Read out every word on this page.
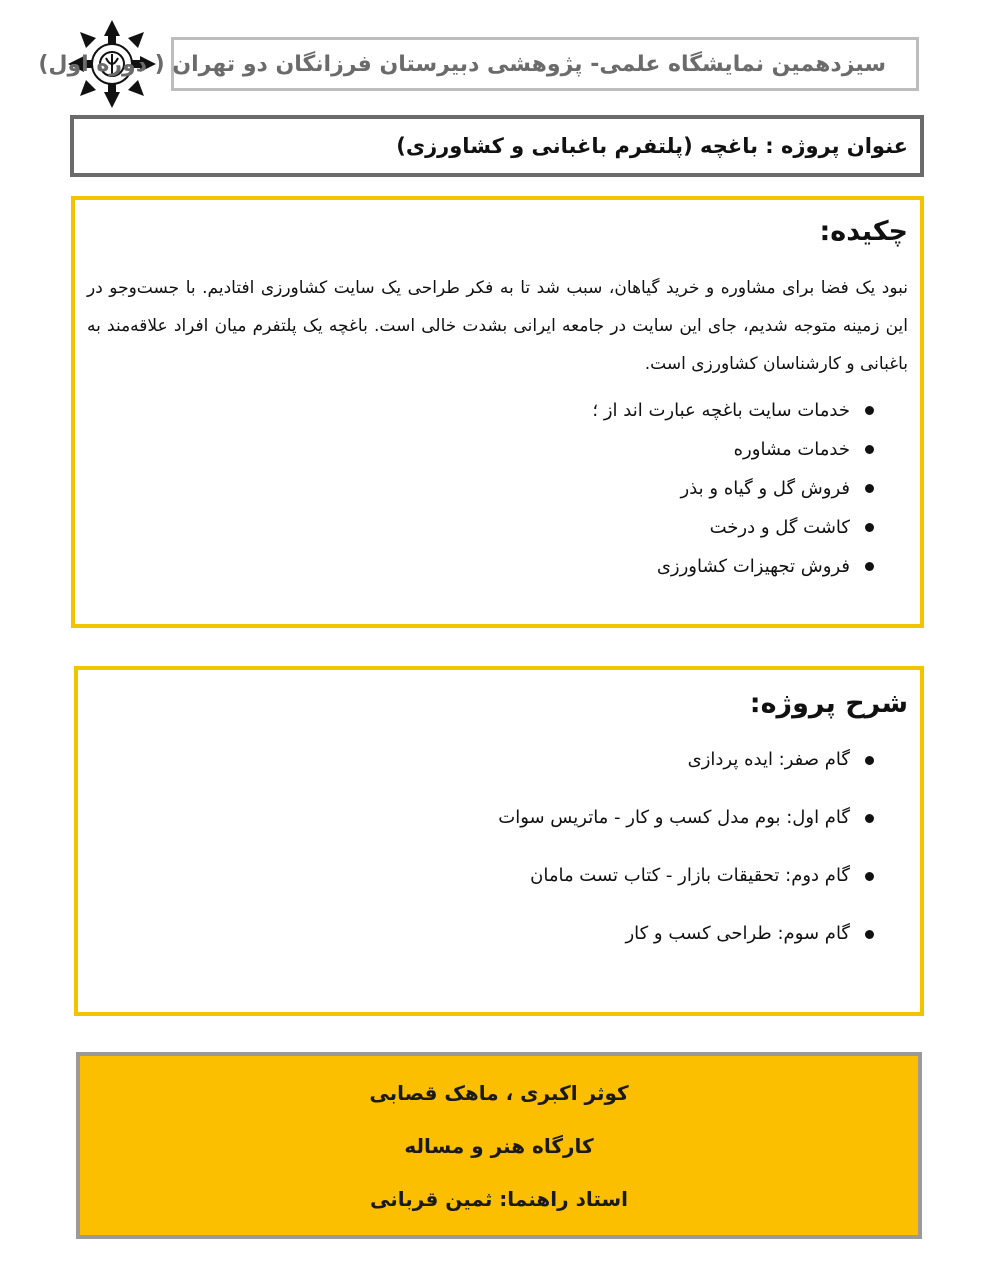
سیزدهمین نمایشگاه علمی- پژوهشی دبیرستان فرزانگان دو تهران ( دوره اول)
عنوان پروژه : باغچه (پلتفرم باغبانی و کشاورزی)
چکیده:

نبود یک فضا برای مشاوره و خرید گیاهان، سبب شد تا به فکر طراحی یک سایت کشاورزی افتادیم. با جست‌وجو در این زمینه متوجه شدیم، جای این سایت در جامعه ایرانی بشدت خالی است. باغچه یک پلتفرم میان افراد علاقه‌مند به باغبانی و کارشناسان کشاورزی است.

خدمات سایت باغچه عبارت اند از ؛
خدمات مشاوره
فروش گل و گیاه و بذر
کاشت گل و درخت
فروش تجهیزات کشاورزی
شرح پروژه:
گام صفر: ایده پردازی
گام اول: بوم مدل کسب و کار - ماتریس سوات
گام دوم: تحقیقات بازار - کتاب تست مامان
گام سوم: طراحی کسب و کار
کوثر اکبری ، ماهک قصابی
کارگاه هنر و مساله
استاد راهنما: ثمین قربانی
